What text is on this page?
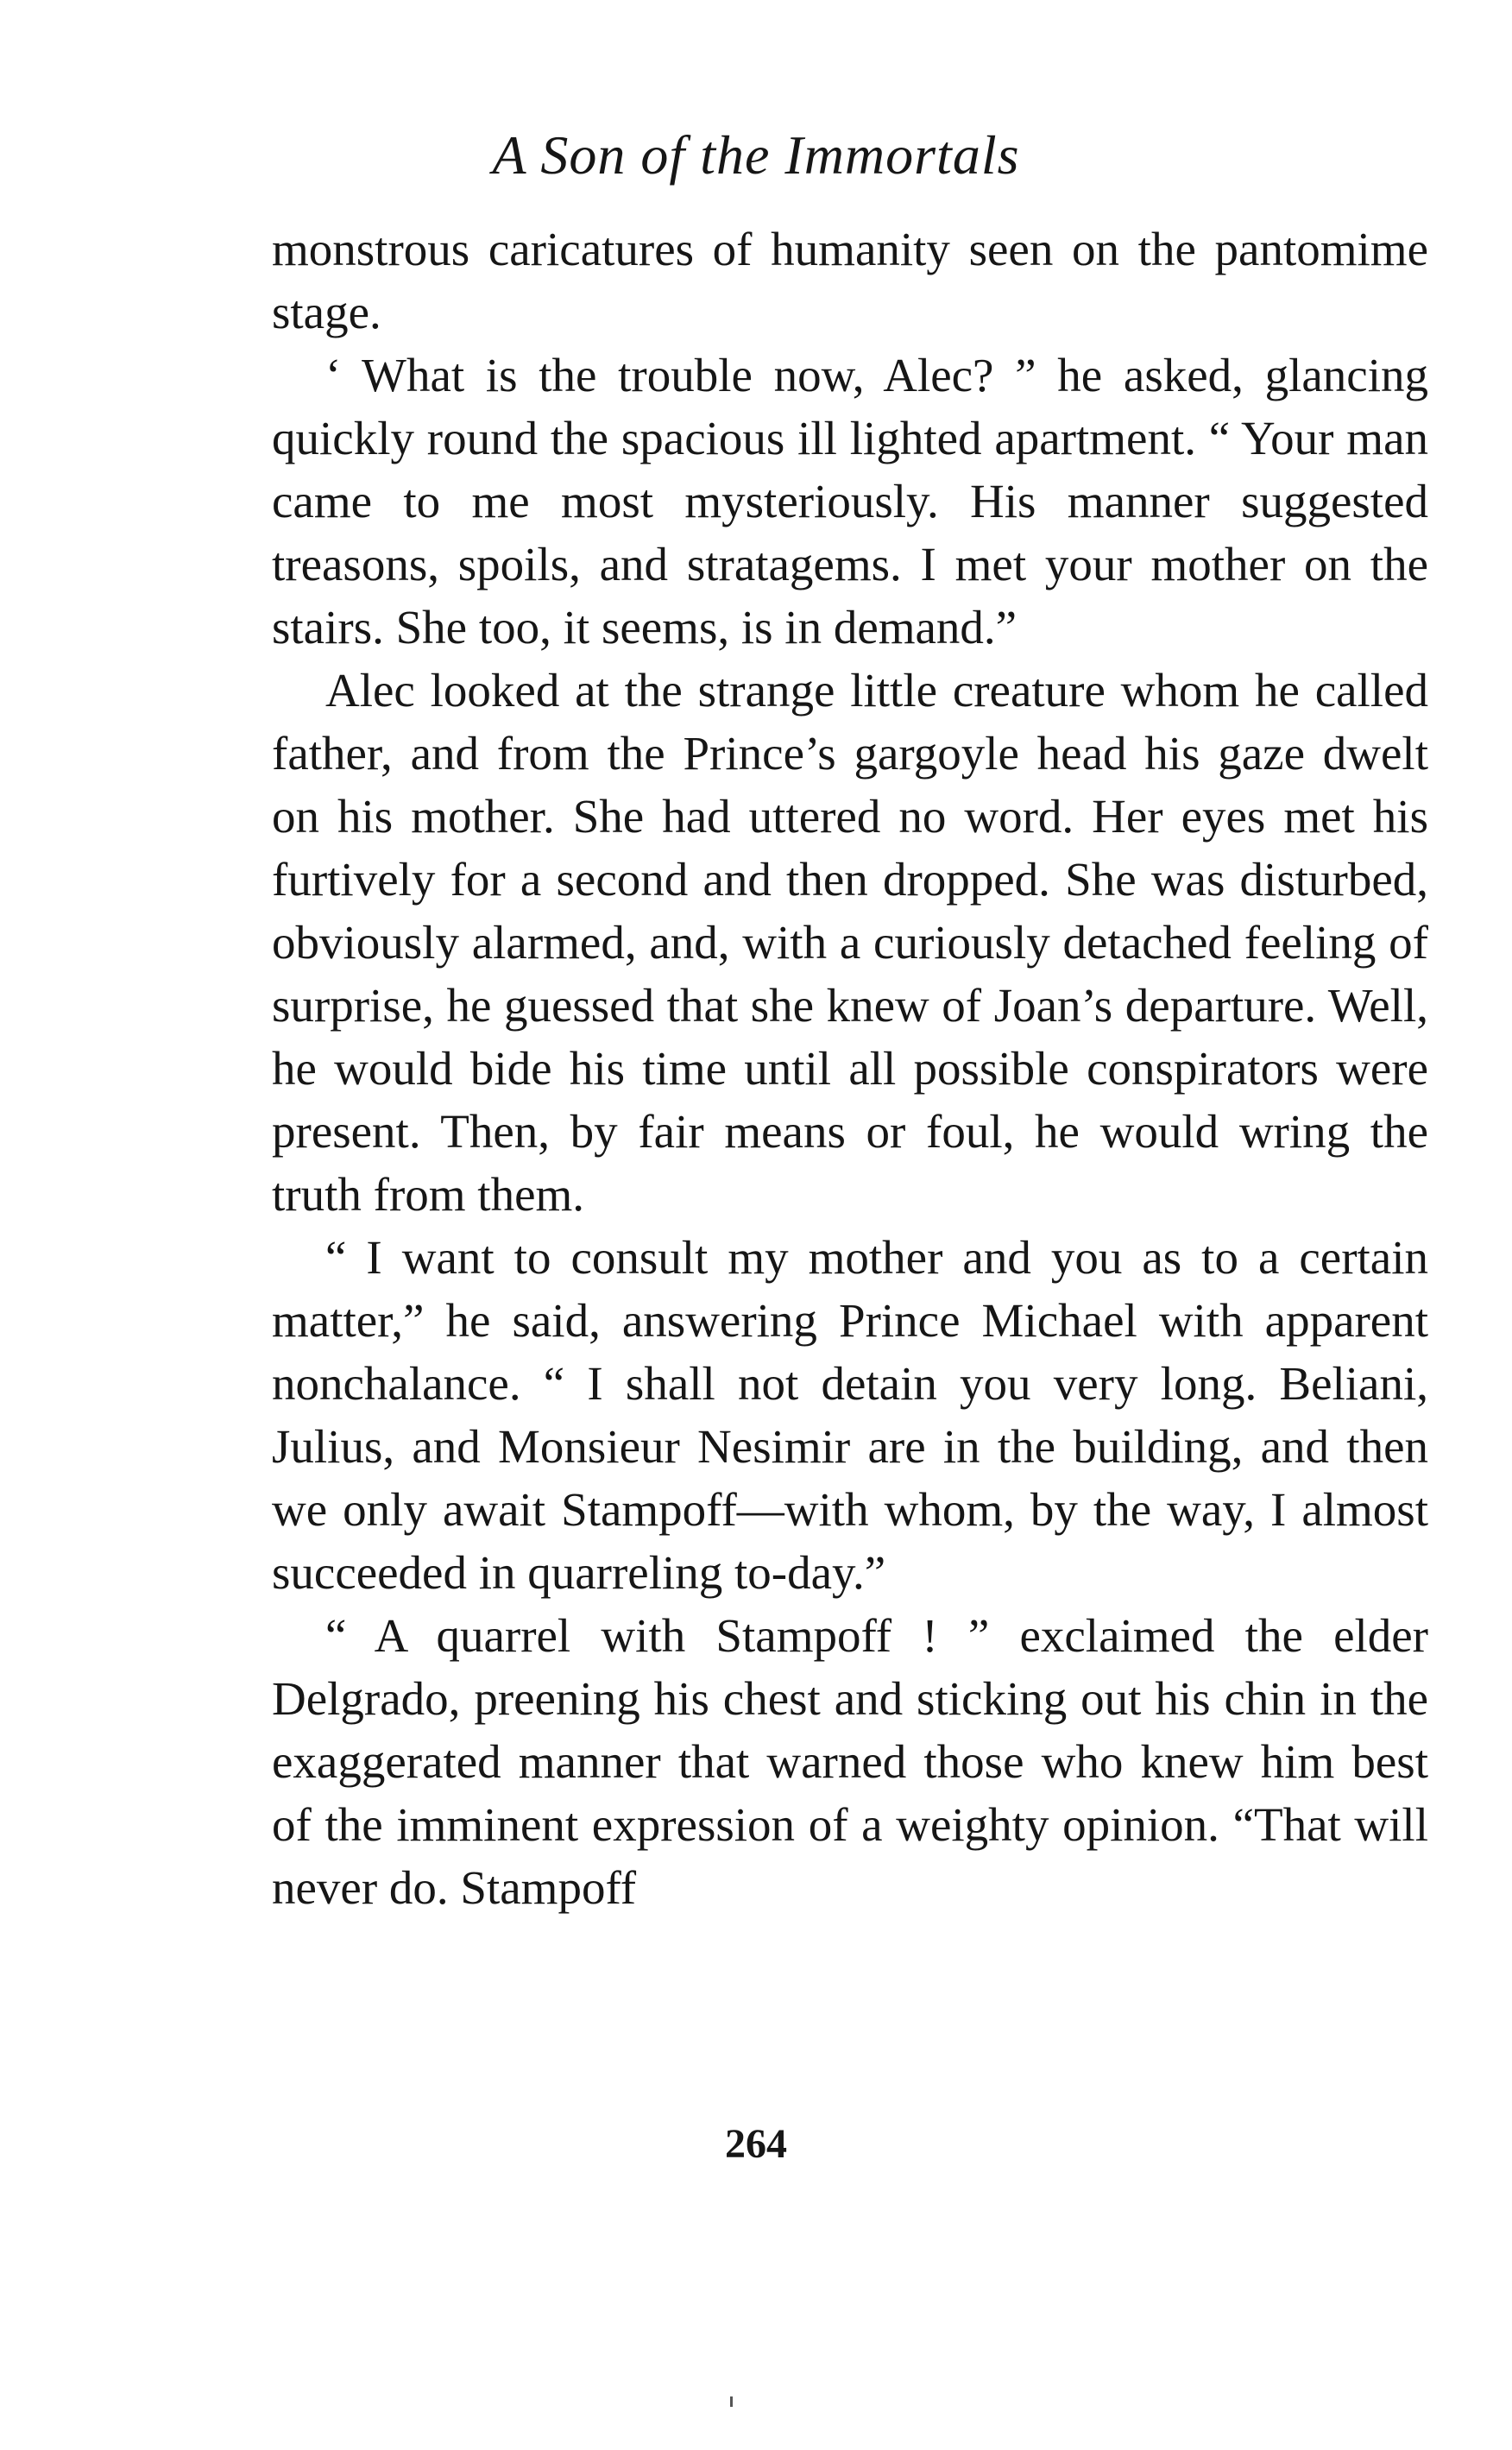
A Son of the Immortals

monstrous caricatures of humanity seen on the pantomime stage.

‘ What is the trouble now, Alec? ” he asked, glancing quickly round the spacious ill lighted apartment. “ Your man came to me most mysteriously. His manner suggested treasons, spoils, and stratagems. I met your mother on the stairs. She too, it seems, is in demand.”

Alec looked at the strange little creature whom he called father, and from the Prince’s gargoyle head his gaze dwelt on his mother. She had uttered no word. Her eyes met his furtively for a second and then dropped. She was disturbed, obviously alarmed, and, with a curiously detached feeling of surprise, he guessed that she knew of Joan’s departure. Well, he would bide his time until all possible conspirators were present. Then, by fair means or foul, he would wring the truth from them.

“ I want to consult my mother and you as to a certain matter,” he said, answering Prince Michael with apparent nonchalance. “ I shall not detain you very long. Beliani, Julius, and Monsieur Nesimir are in the building, and then we only await Stampoff—with whom, by the way, I almost succeeded in quarreling to-day.”

“ A quarrel with Stampoff ! ” exclaimed the elder Delgrado, preening his chest and sticking out his chin in the exaggerated manner that warned those who knew him best of the imminent expression of a weighty opinion. “That will never do. Stampoff

264
